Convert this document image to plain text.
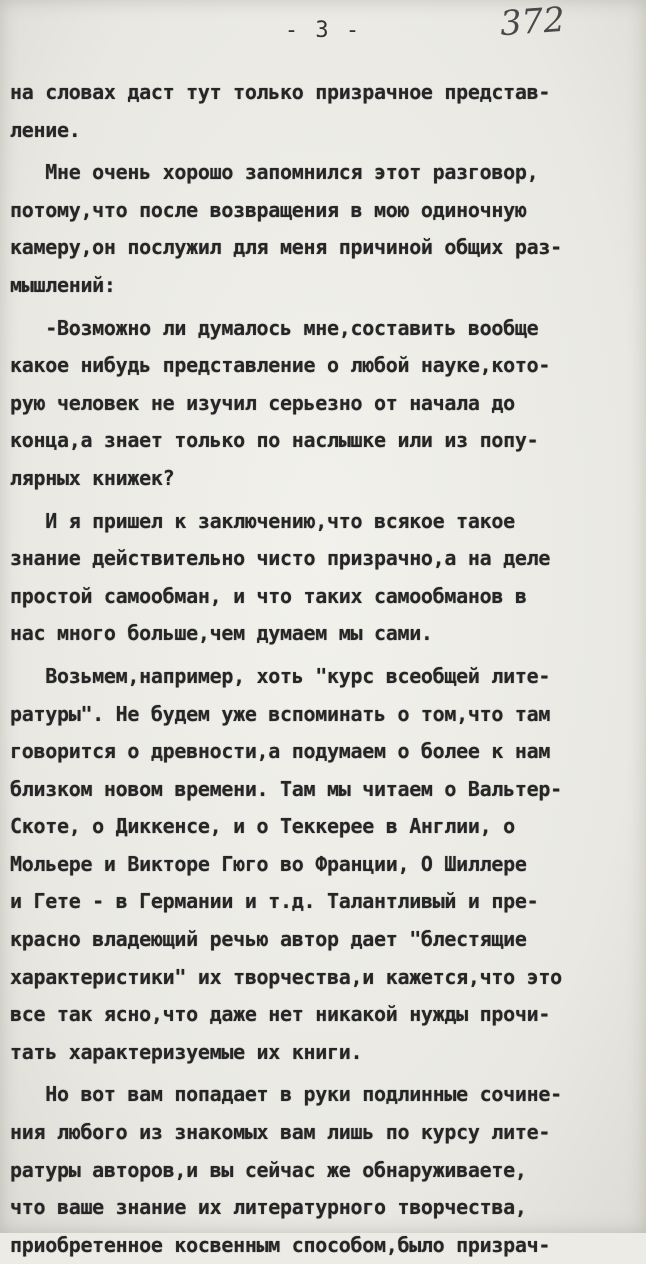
- 3 -	372
на словах даст тут только призрачное представ-
ление.
Мне очень хорошо запомнился этот разговор,
потому,что после возвращения в мою одиночную
камеру,он послужил для меня причиной общих раз-
мышлений:
-Возможно ли думалось мне,составить вообще
какое нибудь представление о любой науке,кото-
рую человек не изучил серьезно от начала до
конца,а знает только по наслышке или из попу-
лярных книжек?
И я пришел к заключению,что всякое такое
знание действительно чисто призрачно,а на деле
простой самообман, и что таких самообманов в
нас много больше,чем думаем мы сами.
Возьмем,например, хоть "курс всеобщей лите-
ратуры". Не будем уже вспоминать о том,что там
говорится о древности,а подумаем о более к нам
близком новом времени. Там мы читаем о Вальтер-
Скоте, о Диккенсе, и о Теккерее в Англии, о
Мольере и Викторе Гюго во Франции, О Шиллере
и Гете - в Германии и т.д. Талантливый и пре-
красно владеющий речью автор дает "блестящие
характеристики" их творчества,и кажется,что это
все так ясно,что даже нет никакой нужды прочи-
тать характеризуемые их книги.
Но вот вам попадает в руки подлинные сочине-
ния любого из знакомых вам лишь по курсу лите-
ратуры авторов,и вы сейчас же обнаруживаете,
что ваше знание их литературного творчества,
приобретенное косвенным способом,было призрач-
